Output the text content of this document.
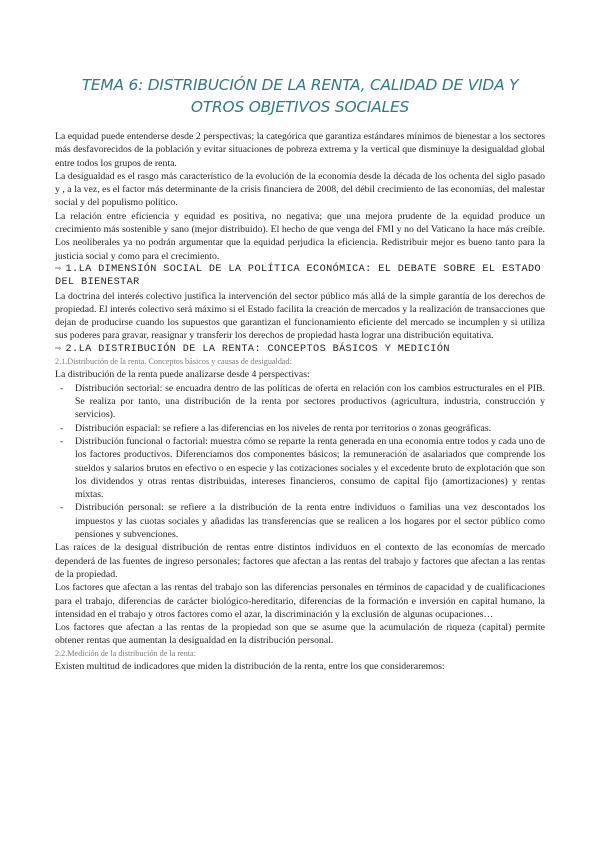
TEMA 6: DISTRIBUCIÓN DE LA RENTA, CALIDAD DE VIDA Y
OTROS OBJETIVOS SOCIALES

La equidad puede entenderse desde 2 perspectivas; la categórica que garantiza estándares mínimos de bienestar a los sectores más desfavorecidos de la población y evitar situaciones de pobreza extrema y la vertical que disminuye la desigualdad global entre todos los grupos de renta.

La desigualdad es el rasgo más característico de la evolución de la economía desde la década de los ochenta del siglo pasado y , a la vez, es el factor más determinante de la crisis financiera de 2008, del débil crecimiento de las economías, del malestar social y del populismo político.

La relación entre eficiencia y equidad es positiva, no negativa; que una mejora prudente de la equidad produce un crecimiento más sostenible y sano (mejor distribuido). El hecho de que venga del FMI y no del Vaticano la hace más creíble. Los neoliberales ya no podrán argumentar que la equidad perjudica la eficiencia. Redistribuir mejor es bueno tanto para la justicia social y como para el crecimiento.

⇨ 1.LA DIMENSIÓN SOCIAL DE LA POLÍTICA ECONÓMICA: EL DEBATE SOBRE EL ESTADO DEL BIENESTAR

La doctrina del interés colectivo justifica la intervención del sector público más allá de la simple garantía de los derechos de propiedad. El interés colectivo será máximo si el Estado facilita la creación de mercados y la realización de transacciones que dejan de producirse cuando los supuestos que garantizan el funcionamiento eficiente del mercado se incumplen y si utiliza sus poderes para gravar, reasignar y transferir los derechos de propiedad hasta lograr una distribución equitativa.

⇨ 2.LA DISTRIBUCIÓN DE LA RENTA: CONCEPTOS BÁSICOS Y MEDICIÓN

2.1.Distribución de la renta. Conceptos básicos y causas de desigualdad:

La distribución de la renta puede analizarse desde 4 perspectivas:

- Distribución sectorial: se encuadra dentro de las políticas de oferta en relación con los cambios estructurales en el PIB. Se realiza por tanto, una distribución de la renta por sectores productivos (agricultura, industria, construcción y servicios).
- Distribución espacial: se refiere a las diferencias en los niveles de renta por territorios o zonas geográficas.
- Distribución funcional o factorial: muestra cómo se reparte la renta generada en una economía entre todos y cada uno de los factores productivos. Diferenciamos dos componentes básicos; la remuneración de asalariados que comprende los sueldos y salarios brutos en efectivo o en especie y las cotizaciones sociales y el excedente bruto de explotación que son los dividendos y otras rentas distribuidas, intereses financieros, consumo de capital fijo (amortizaciones) y rentas mixtas.
- Distribución personal: se refiere a la distribución de la renta entre individuos o familias una vez descontados los impuestos y las cuotas sociales y añadidas las transferencias que se realicen a los hogares por el sector público como pensiones y subvenciones.

Las raíces de la desigual distribución de rentas entre distintos individuos en el contexto de las economías de mercado dependerá de las fuentes de ingreso personales; factores que afectan a las rentas del trabajo y factores que afectan a las rentas de la propiedad.

Los factores que afectan a las rentas del trabajo son las diferencias personales en términos de capacidad y de cualificaciones para el trabajo, diferencias de carácter biológico-hereditario, diferencias de la formación e inversión en capital humano, la intensidad en el trabajo y otros factores como el azar, la discriminación y la exclusión de algunas ocupaciones…

Los factores que afectan a las rentas de la propiedad son que se asume que la acumulación de riqueza (capital) permite obtener rentas que aumentan la desigualdad en la distribución personal.

2.2.Medición de la distribución de la renta:

Existen multitud de indicadores que miden la distribución de la renta, entre los que consideraremos:
